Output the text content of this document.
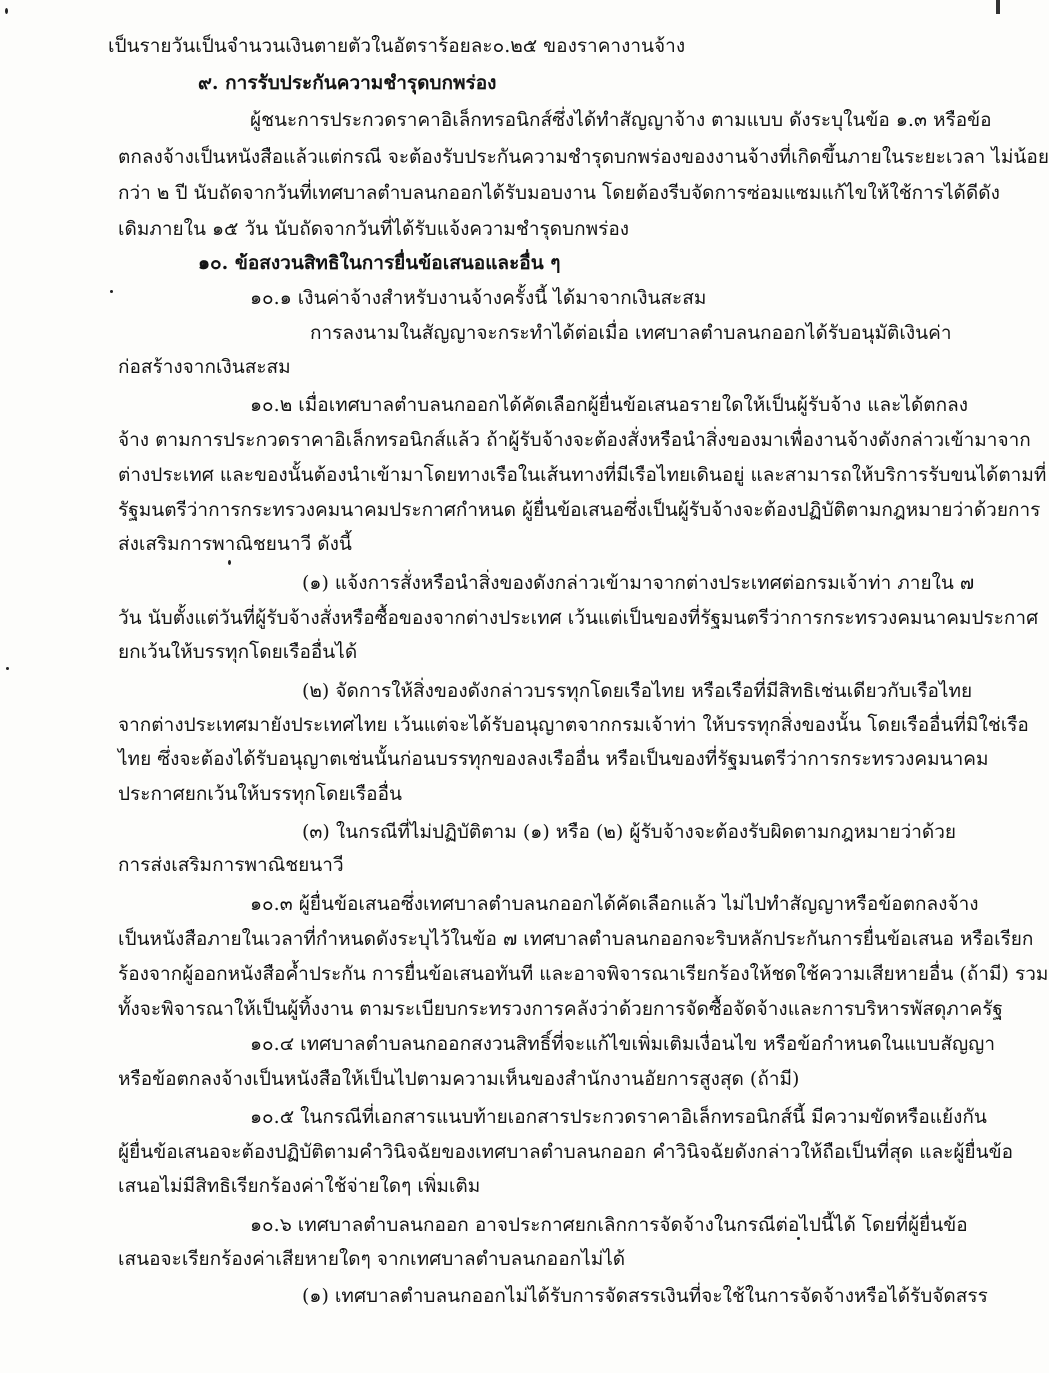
เป็นรายวันเป็นจำนวนเงินตายตัวในอัตราร้อยละ๐.๒๕ ของราคางานจ้าง
๙. การรับประกันความชำรุดบกพร่อง
ผู้ชนะการประกวดราคาอิเล็กทรอนิกส์ซึ่งได้ทำสัญญาจ้าง ตามแบบ ดังระบุในข้อ ๑.๓ หรือข้อ
ตกลงจ้างเป็นหนังสือแล้วแต่กรณี จะต้องรับประกันความชำรุดบกพร่องของงานจ้างที่เกิดขึ้นภายในระยะเวลา ไม่น้อย
กว่า ๒ ปี นับถัดจากวันที่เทศบาลตำบลนกออกได้รับมอบงาน โดยต้องรีบจัดการซ่อมแซมแก้ไขให้ใช้การได้ดีดัง
เดิมภายใน ๑๕ วัน นับถัดจากวันที่ได้รับแจ้งความชำรุดบกพร่อง
๑๐. ข้อสงวนสิทธิในการยื่นข้อเสนอและอื่น ๆ
๑๐.๑ เงินค่าจ้างสำหรับงานจ้างครั้งนี้ ได้มาจากเงินสะสม
การลงนามในสัญญาจะกระทำได้ต่อเมื่อ เทศบาลตำบลนกออกได้รับอนุมัติเงินค่า
ก่อสร้างจากเงินสะสม
๑๐.๒ เมื่อเทศบาลตำบลนกออกได้คัดเลือกผู้ยื่นข้อเสนอรายใดให้เป็นผู้รับจ้าง และได้ตกลง
จ้าง ตามการประกวดราคาอิเล็กทรอนิกส์แล้ว ถ้าผู้รับจ้างจะต้องสั่งหรือนำสิ่งของมาเพื่องานจ้างดังกล่าวเข้ามาจาก
ต่างประเทศ และของนั้นต้องนำเข้ามาโดยทางเรือในเส้นทางที่มีเรือไทยเดินอยู่ และสามารถให้บริการรับขนได้ตามที่
รัฐมนตรีว่าการกระทรวงคมนาคมประกาศกำหนด ผู้ยื่นข้อเสนอซึ่งเป็นผู้รับจ้างจะต้องปฏิบัติตามกฎหมายว่าด้วยการ
ส่งเสริมการพาณิชยนาวี ดังนี้
(๑) แจ้งการสั่งหรือนำสิ่งของดังกล่าวเข้ามาจากต่างประเทศต่อกรมเจ้าท่า ภายใน ๗
วัน นับตั้งแต่วันที่ผู้รับจ้างสั่งหรือซื้อของจากต่างประเทศ เว้นแต่เป็นของที่รัฐมนตรีว่าการกระทรวงคมนาคมประกาศ
ยกเว้นให้บรรทุกโดยเรืออื่นได้
(๒) จัดการให้สิ่งของดังกล่าวบรรทุกโดยเรือไทย หรือเรือที่มีสิทธิเช่นเดียวกับเรือไทย
จากต่างประเทศมายังประเทศไทย เว้นแต่จะได้รับอนุญาตจากกรมเจ้าท่า ให้บรรทุกสิ่งของนั้น โดยเรืออื่นที่มิใช่เรือ
ไทย ซึ่งจะต้องได้รับอนุญาตเช่นนั้นก่อนบรรทุกของลงเรืออื่น หรือเป็นของที่รัฐมนตรีว่าการกระทรวงคมนาคม
ประกาศยกเว้นให้บรรทุกโดยเรืออื่น
(๓) ในกรณีที่ไม่ปฏิบัติตาม (๑) หรือ (๒) ผู้รับจ้างจะต้องรับผิดตามกฎหมายว่าด้วย
การส่งเสริมการพาณิชยนาวี
๑๐.๓ ผู้ยื่นข้อเสนอซึ่งเทศบาลตำบลนกออกได้คัดเลือกแล้ว ไม่ไปทำสัญญาหรือข้อตกลงจ้าง
เป็นหนังสือภายในเวลาที่กำหนดดังระบุไว้ในข้อ ๗ เทศบาลตำบลนกออกจะริบหลักประกันการยื่นข้อเสนอ หรือเรียก
ร้องจากผู้ออกหนังสือค้ำประกัน การยื่นข้อเสนอทันที และอาจพิจารณาเรียกร้องให้ชดใช้ความเสียหายอื่น (ถ้ามี) รวม
ทั้งจะพิจารณาให้เป็นผู้ทิ้งงาน ตามระเบียบกระทรวงการคลังว่าด้วยการจัดซื้อจัดจ้างและการบริหารพัสดุภาครัฐ
๑๐.๔ เทศบาลตำบลนกออกสงวนสิทธิ์ที่จะแก้ไขเพิ่มเติมเงื่อนไข หรือข้อกำหนดในแบบสัญญา
หรือข้อตกลงจ้างเป็นหนังสือให้เป็นไปตามความเห็นของสำนักงานอัยการสูงสุด (ถ้ามี)
๑๐.๕ ในกรณีที่เอกสารแนบท้ายเอกสารประกวดราคาอิเล็กทรอนิกส์นี้ มีความขัดหรือแย้งกัน
ผู้ยื่นข้อเสนอจะต้องปฏิบัติตามคำวินิจฉัยของเทศบาลตำบลนกออก คำวินิจฉัยดังกล่าวให้ถือเป็นที่สุด และผู้ยื่นข้อ
เสนอไม่มีสิทธิเรียกร้องค่าใช้จ่ายใดๆ เพิ่มเติม
๑๐.๖ เทศบาลตำบลนกออก อาจประกาศยกเลิกการจัดจ้างในกรณีต่อไปนี้ได้ โดยที่ผู้ยื่นข้อ
เสนอจะเรียกร้องค่าเสียหายใดๆ จากเทศบาลตำบลนกออกไม่ได้
(๑) เทศบาลตำบลนกออกไม่ได้รับการจัดสรรเงินที่จะใช้ในการจัดจ้างหรือได้รับจัดสรร
